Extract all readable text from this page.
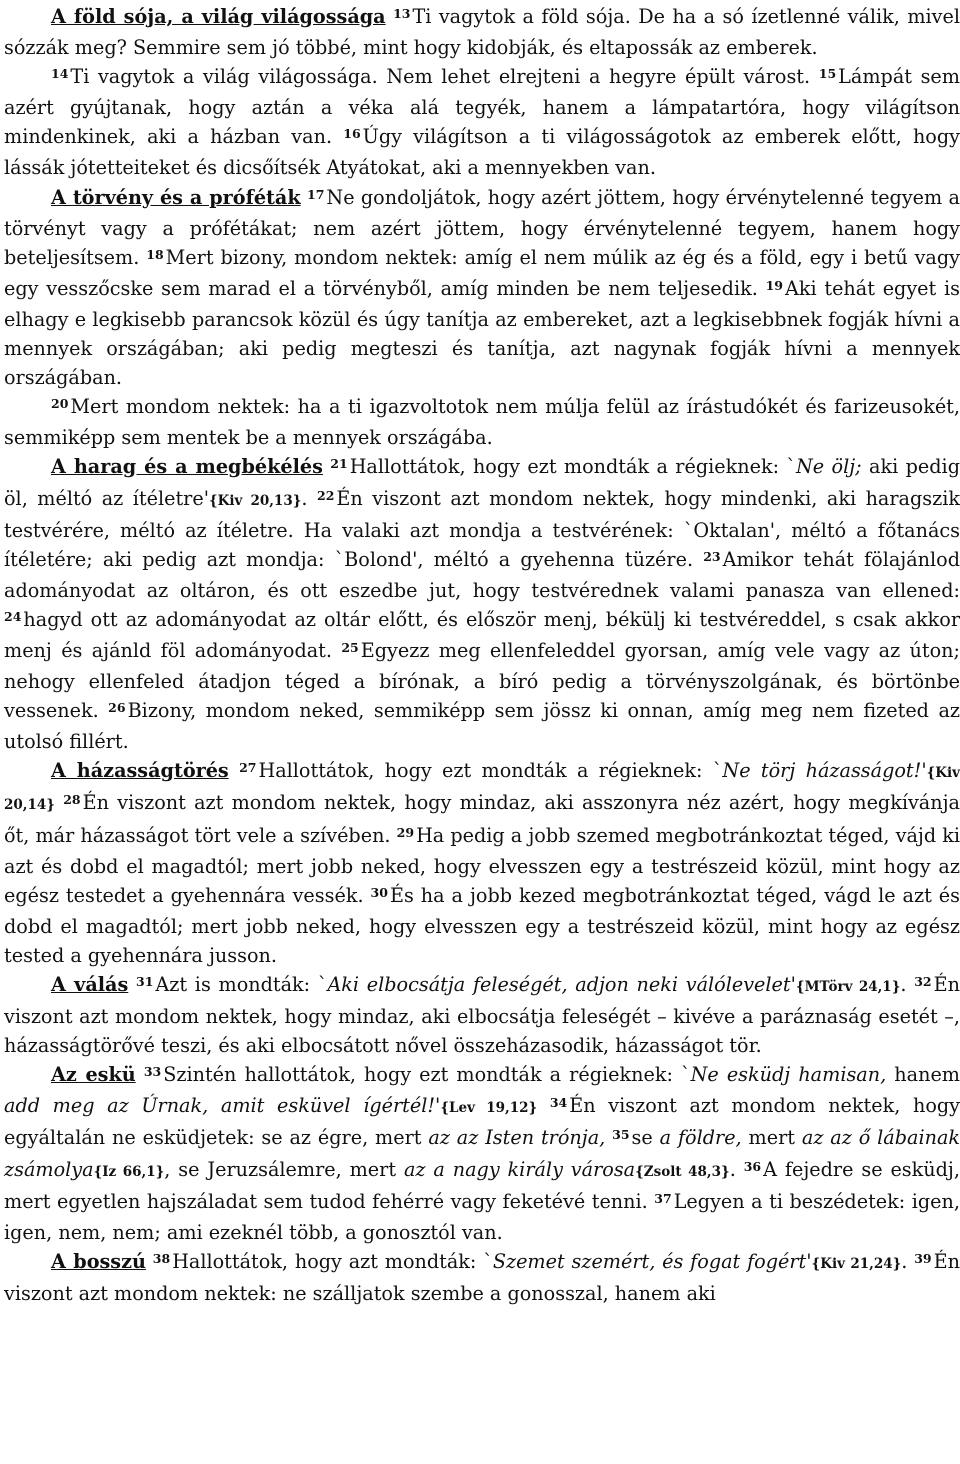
A föld sója, a világ világossága $^{13}$ Ti vagytok a föld sója. De ha a só ízetlenné válik, mivel sózzák meg? Semmire sem jó többé, mint hogy kidobják, és eltapossák az emberek.

$^{14}$ Ti vagytok a világ világossága. Nem lehet elrejteni a hegyre épült várost. $^{15}$ Lámpát sem azért gyújtanak, hogy aztán a véka alá tegyék, hanem a lámpatartóra, hogy világítson mindenkinek, aki a házban van. $^{16}$ Úgy világítson a ti világosságotok az emberek előtt, hogy lássák jótetteiteket és dicsőítsék Atyátokat, aki a mennyekben van.

A törvény és a próféták $^{17}$ Ne gondoljátok, hogy azért jöttem, hogy érvénytelenné tegyem a törvényt vagy a prófétákat; nem azért jöttem, hogy érvénytelenné tegyem, hanem hogy beteljesítsem. $^{18}$ Mert bizony, mondom nektek: amíg el nem múlik az ég és a föld, egy i betű vagy egy vesszőcske sem marad el a törvényből, amíg minden be nem teljesedik. $^{19}$ Aki tehát egyet is elhagy e legkisebb parancsok közül és úgy tanítja az embereket, azt a legkisebbnek fogják hívni a mennyek országában; aki pedig megteszi és tanítja, azt nagynak fogják hívni a mennyek országában.

$^{20}$ Mert mondom nektek: ha a ti igazvoltotok nem múlja felül az írástudókét és farizeusokét, semmiképp sem mentek be a mennyek országába.

A harag és a megbékélés $^{21}$ Hallottátok, hogy ezt mondták a régieknek: `Ne ölj; aki pedig öl, méltó az ítéletre'{Kiv 20,13}. $^{22}$ Én viszont azt mondom nektek, hogy mindenki, aki haragszik testvérére, méltó az ítéletre. Ha valaki azt mondja a testvérének: `Oktalan', méltó a főtanács ítéletére; aki pedig azt mondja: `Bolond', méltó a gyehenna tüzére. $^{23}$ Amikor tehát fölajánlod adományodat az oltáron, és ott eszedbe jut, hogy testvérednek valami panasza van ellened: $^{24}$ hagyd ott az adományodat az oltár előtt, és először menj, békülj ki testvéreddel, s csak akkor menj és ajánld föl adományodat. $^{25}$ Egyezz meg ellenfeleddel gyorsan, amíg vele vagy az úton; nehogy ellenfeled átadjon téged a bírónak, a bíró pedig a törvényszolgának, és börtönbe vessenek. $^{26}$ Bizony, mondom neked, semmiképp sem jössz ki onnan, amíg meg nem fizeted az utolsó fillért.

A házasságtörés $^{27}$ Hallottátok, hogy ezt mondták a régieknek: `Ne törj házasságot!'{Kiv 20,14} $^{28}$ Én viszont azt mondom nektek, hogy mindaz, aki asszonyra néz azért, hogy megkívánja őt, már házasságot tört vele a szívében. $^{29}$ Ha pedig a jobb szemed megbotránkoztat téged, vájd ki azt és dobd el magadtól; mert jobb neked, hogy elvesszen egy a testrészeid közül, mint hogy az egész testedet a gyehennára vessék. $^{30}$ És ha a jobb kezed megbotránkoztat téged, vágd le azt és dobd el magadtól; mert jobb neked, hogy elvesszen egy a testrészeid közül, mint hogy az egész tested a gyehennára jusson.

A válás $^{31}$ Azt is mondták: `Aki elbocsátja feleségét, adjon neki válólevelet'{MTörv 24,1}. $^{32}$ Én viszont azt mondom nektek, hogy mindaz, aki elbocsátja feleségét – kivéve a paráznaság esetét –, házasságtörővé teszi, és aki elbocsátott nővel összeházasodik, házasságot tör.

Az eskü $^{33}$ Szintén hallottátok, hogy ezt mondták a régieknek: `Ne esküdj hamisan, hanem add meg az Úrnak, amit esküvel ígértél!'{Lev 19,12} $^{34}$ Én viszont azt mondom nektek, hogy egyáltalán ne esküdjetek: se az égre, mert az az Isten trónja, $^{35}$ se a földre, mert az az ő lábainak zsámolya{Iz 66,1}, se Jeruzsálemre, mert az a nagy király városa{Zsolt 48,3}. $^{36}$ A fejedre se esküdj, mert egyetlen hajszáladat sem tudod fehérré vagy feketévé tenni. $^{37}$ Legyen a ti beszédetek: igen, igen, nem, nem; ami ezeknél több, a gonosztól van.

A bosszú $^{38}$ Hallottátok, hogy azt mondták: `Szemet szemért, és fogat fogért'{Kiv 21,24}. $^{39}$ Én viszont azt mondom nektek: ne szálljatok szembe a gonosszal, hanem aki
